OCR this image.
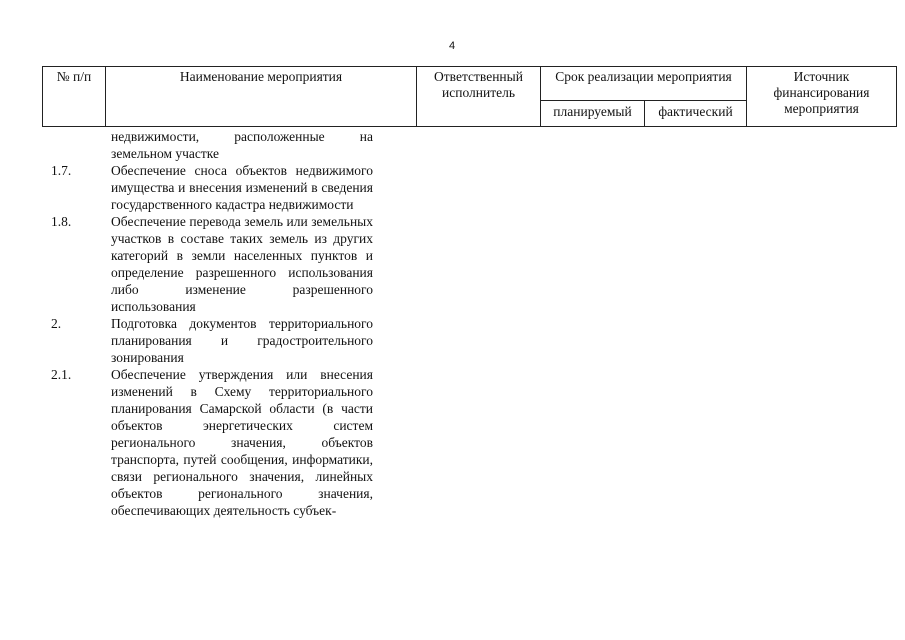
4
№ п/п	Наименование мероприятия	Ответственный исполнитель
Срок реализации мероприятия
планируемый	фактический
Источник финансирования мероприятия
недвижимости, расположенные на земельном участке
1.7.	Обеспечение сноса объектов недвижимого имущества и внесения изменений в сведения государственного кадастра недвижимости
1.8.	Обеспечение перевода земель или земельных участков в составе таких земель из других категорий в земли населенных пунктов и определение разрешенного использования либо изменение разрешенного использования
2.	Подготовка документов территориального планирования и градостроительного зонирования
2.1.	Обеспечение утверждения или внесения изменений в Схему территориального планирования Самарской области (в части объектов энергетических систем регионального значения, объектов транспорта, путей сообщения, информатики, связи регионального значения, линейных объектов регионального значения, обеспечивающих деятельность субъек-
